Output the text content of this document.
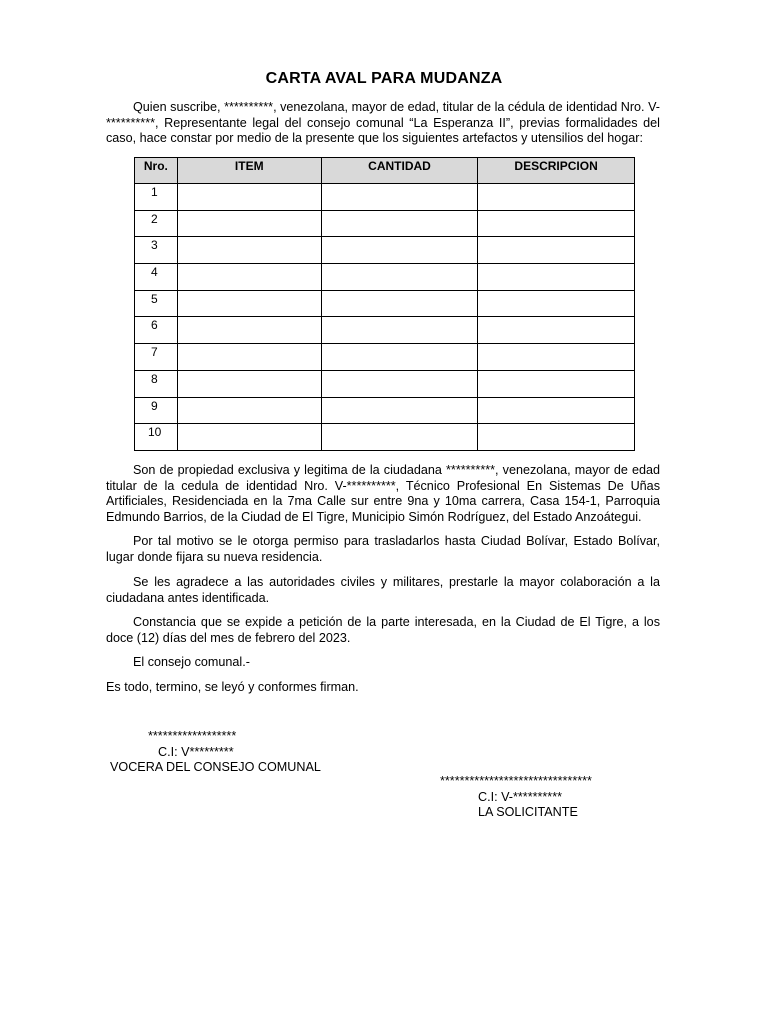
CARTA AVAL PARA MUDANZA

Quien suscribe, **********, venezolana, mayor de edad, titular de la cédula de identidad Nro. V-**********, Representante legal del consejo comunal “La Esperanza II”, previas formalidades del caso, hace constar por medio de la presente que los siguientes artefactos y utensilios del hogar:

Nro.	ITEM	CANTIDAD	DESCRIPCION
1			
2			
3			
4			
5			
6			
7			
8			
9			
10			

Son de propiedad exclusiva y legitima de la ciudadana **********, venezolana, mayor de edad titular de la cedula de identidad Nro. V-**********, Técnico Profesional En Sistemas De Uñas Artificiales, Residenciada en la 7ma Calle sur entre 9na y 10ma carrera, Casa 154-1, Parroquia Edmundo Barrios, de la Ciudad de El Tigre, Municipio Simón Rodríguez, del Estado Anzoátegui.

Por tal motivo se le otorga permiso para trasladarlos hasta Ciudad Bolívar, Estado Bolívar, lugar donde fijara su nueva residencia.

Se les agradece a las autoridades civiles y militares, prestarle la mayor colaboración a la ciudadana antes identificada.

Constancia que se expide a petición de la parte interesada, en la Ciudad de El Tigre, a los doce (12) días del mes de febrero del 2023.

El consejo comunal.-

Es todo, termino, se leyó y conformes firman.

******************
C.I: V*********
VOCERA DEL CONSEJO COMUNAL
*******************************
C.I: V-**********
LA SOLICITANTE
